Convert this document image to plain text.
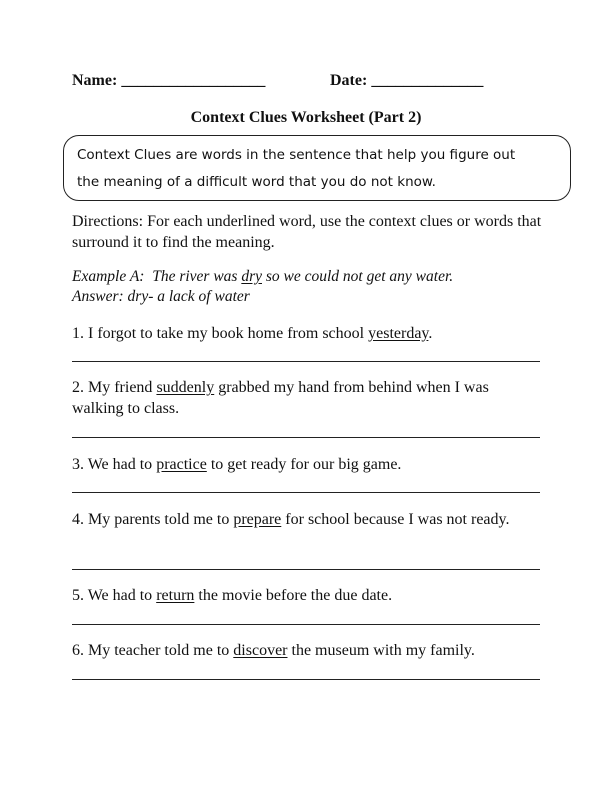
Name: __________________	Date: ______________
Context Clues Worksheet (Part 2)

Context Clues are words in the sentence that help you figure out

the meaning of a difficult word that you do not know.

Directions: For each underlined word, use the context clues or words that surround it to find the meaning.

Example A: The river was dry so we could not get any water.

Answer: dry- a lack of water

1. I forgot to take my book home from school yesterday.
2. My friend suddenly grabbed my hand from behind when I was walking to class.
3. We had to practice to get ready for our big game.
4. My parents told me to prepare for school because I was not ready.
5. We had to return the movie before the due date.
6. My teacher told me to discover the museum with my family.
